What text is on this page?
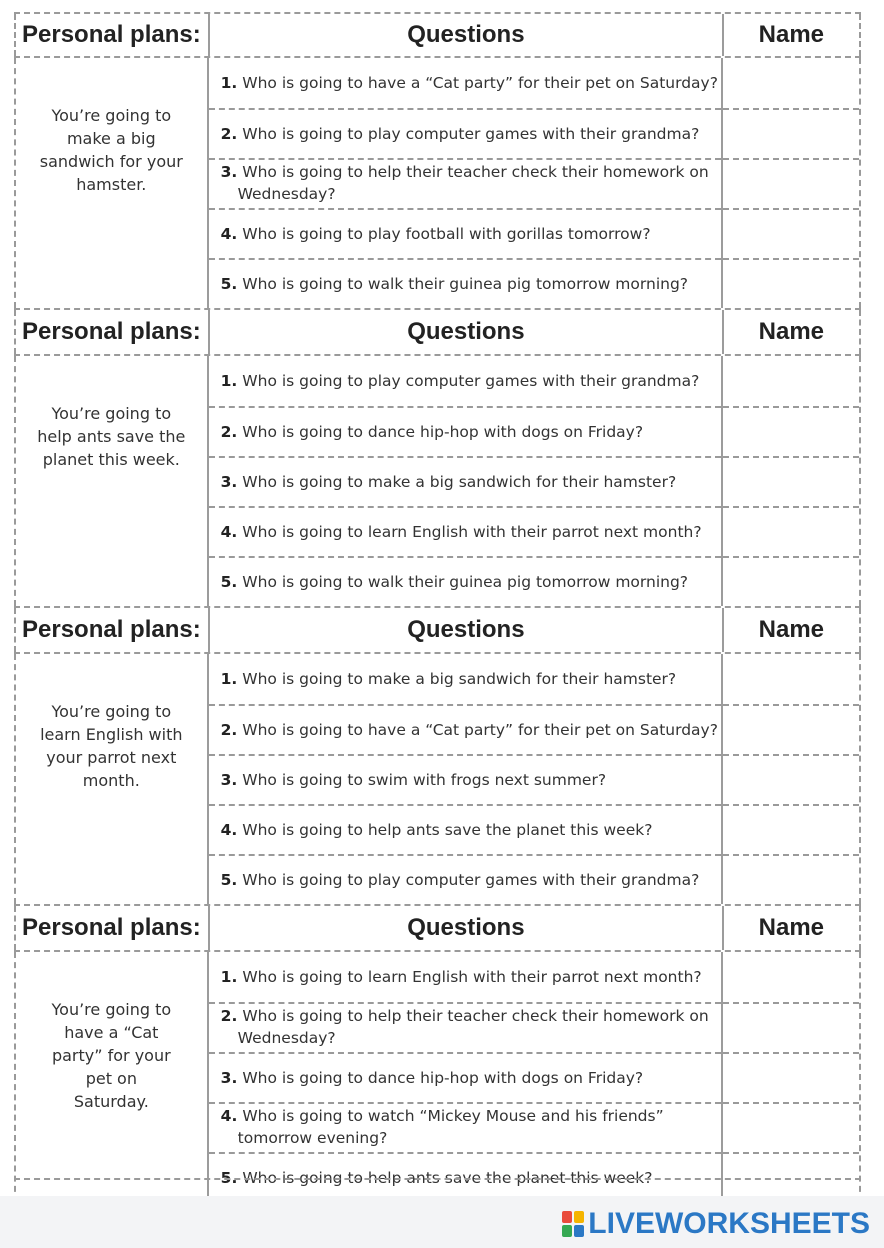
Personal plans:	Questions	Name
You’re going to make a big sandwich for your hamster.
1. Who is going to have a “Cat party” for their pet on Saturday?
2. Who is going to play computer games with their grandma?
3. Who is going to help their teacher check their homework on Wednesday?
4. Who is going to play football with gorillas tomorrow?
5. Who is going to walk their guinea pig tomorrow morning?
Personal plans:	Questions	Name
You’re going to help ants save the planet this week.
1. Who is going to play computer games with their grandma?
2. Who is going to dance hip-hop with dogs on Friday?
3. Who is going to make a big sandwich for their hamster?
4. Who is going to learn English with their parrot next month?
5. Who is going to walk their guinea pig tomorrow morning?
Personal plans:	Questions	Name
You’re going to learn English with your parrot next month.
1. Who is going to make a big sandwich for their hamster?
2. Who is going to have a “Cat party” for their pet on Saturday?
3. Who is going to swim with frogs next summer?
4. Who is going to help ants save the planet this week?
5. Who is going to play computer games with their grandma?
Personal plans:	Questions	Name
You’re going to have a “Cat party” for your pet on Saturday.
1. Who is going to learn English with their parrot next month?
2. Who is going to help their teacher check their homework on Wednesday?
3. Who is going to dance hip-hop with dogs on Friday?
4. Who is going to watch “Mickey Mouse and his friends” tomorrow evening?
5. Who is going to help ants save the planet this week?
LIVEWORKSHEETS
